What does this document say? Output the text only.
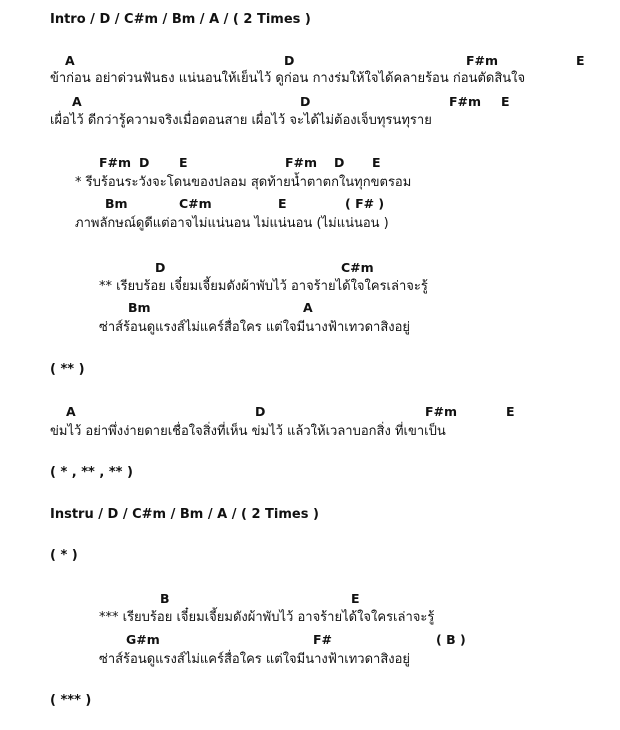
Intro / D / C#m / Bm / A / ( 2 Times )
A	D	F#m	E
ข้าก่อน อย่าด่วนฟันธง แน่นอนให้เย็นไว้ ดูก่อน กางร่มให้ใจได้คลายร้อน ก่อนตัดสินใจ
A	D	F#m E
เผื่อไว้ ดีกว่ารู้ความจริงเมื่อตอนสาย เผื่อไว้ จะได้ไม่ต้องเจ็บทุรนทุราย
F#m D E	F#m D E
* รีบร้อนระวังจะโดนของปลอม สุดท้ายน้ำตาตกในทุกขตรอม
Bm	C#m	E	( F# )
ภาพลักษณ์ดูดีแต่อาจไม่แน่นอน ไม่แน่นอน (ไม่แน่นอน )
D	C#m
** เรียบร้อย เจี๋ยมเจี้ยมดังผ้าพับไว้ อาจร้ายได้ใจใครเล่าจะรู้
Bm	A
ซ่าส์ร้อนดูแรงส์ไม่แคร์สื่อใคร แต่ใจมีนางฟ้าเทวดาสิงอยู่
( ** )
A	D	F#m	E
ข่มไว้ อย่าพึ่งง่ายดายเชื่อใจสิ่งที่เห็น ข่มไว้ แล้วให้เวลาบอกสิ่ง ที่เขาเป็น
( * , ** , ** )
Instru / D / C#m / Bm / A / ( 2 Times )
( * )
B	E
*** เรียบร้อย เจี๋ยมเจี้ยมดังผ้าพับไว้ อาจร้ายได้ใจใครเล่าจะรู้
G#m	F#	( B )
ซ่าส์ร้อนดูแรงส์ไม่แคร์สื่อใคร แต่ใจมีนางฟ้าเทวดาสิงอยู่
( *** )
